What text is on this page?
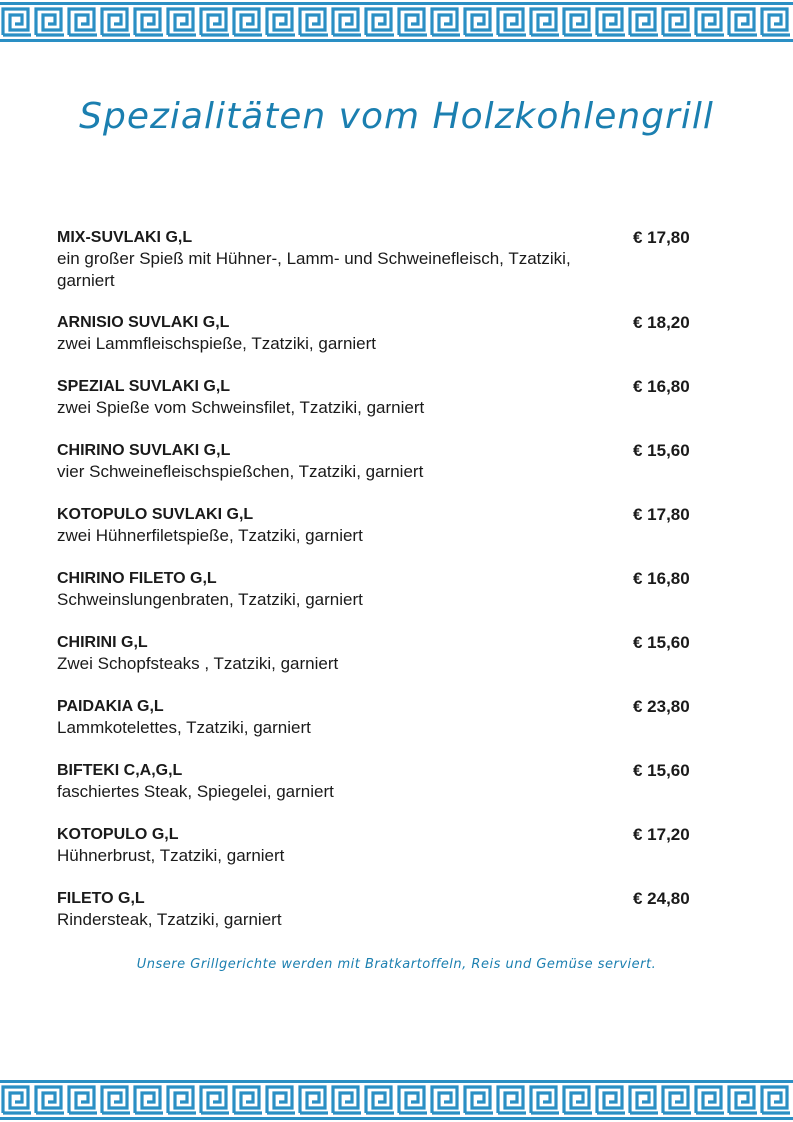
Spezialitäten vom Holzkohlengrill
MIX-SUVLAKI G,L
ein großer Spieß mit Hühner-, Lamm- und Schweinefleisch, Tzatziki, garniert
€ 17,80
ARNISIO SUVLAKI G,L
zwei Lammfleischspieße, Tzatziki, garniert
€ 18,20
SPEZIAL SUVLAKI G,L
zwei Spieße vom Schweinsfilet, Tzatziki, garniert
€ 16,80
CHIRINO SUVLAKI G,L
vier Schweinefleischspießchen, Tzatziki, garniert
€ 15,60
KOTOPULO SUVLAKI G,L
zwei Hühnerfiletspieße, Tzatziki, garniert
€ 17,80
CHIRINO FILETO G,L
Schweinslungenbraten, Tzatziki, garniert
€ 16,80
CHIRINI G,L
Zwei Schopfsteaks , Tzatziki, garniert
€ 15,60
PAIDAKIA G,L
Lammkotelettes, Tzatziki, garniert
€ 23,80
BIFTEKI C,A,G,L
faschiertes Steak, Spiegelei, garniert
€ 15,60
KOTOPULO G,L
Hühnerbrust, Tzatziki, garniert
€ 17,20
FILETO G,L
Rindersteak, Tzatziki, garniert
€ 24,80
Unsere Grillgerichte werden mit Bratkartoffeln, Reis und Gemüse serviert.
